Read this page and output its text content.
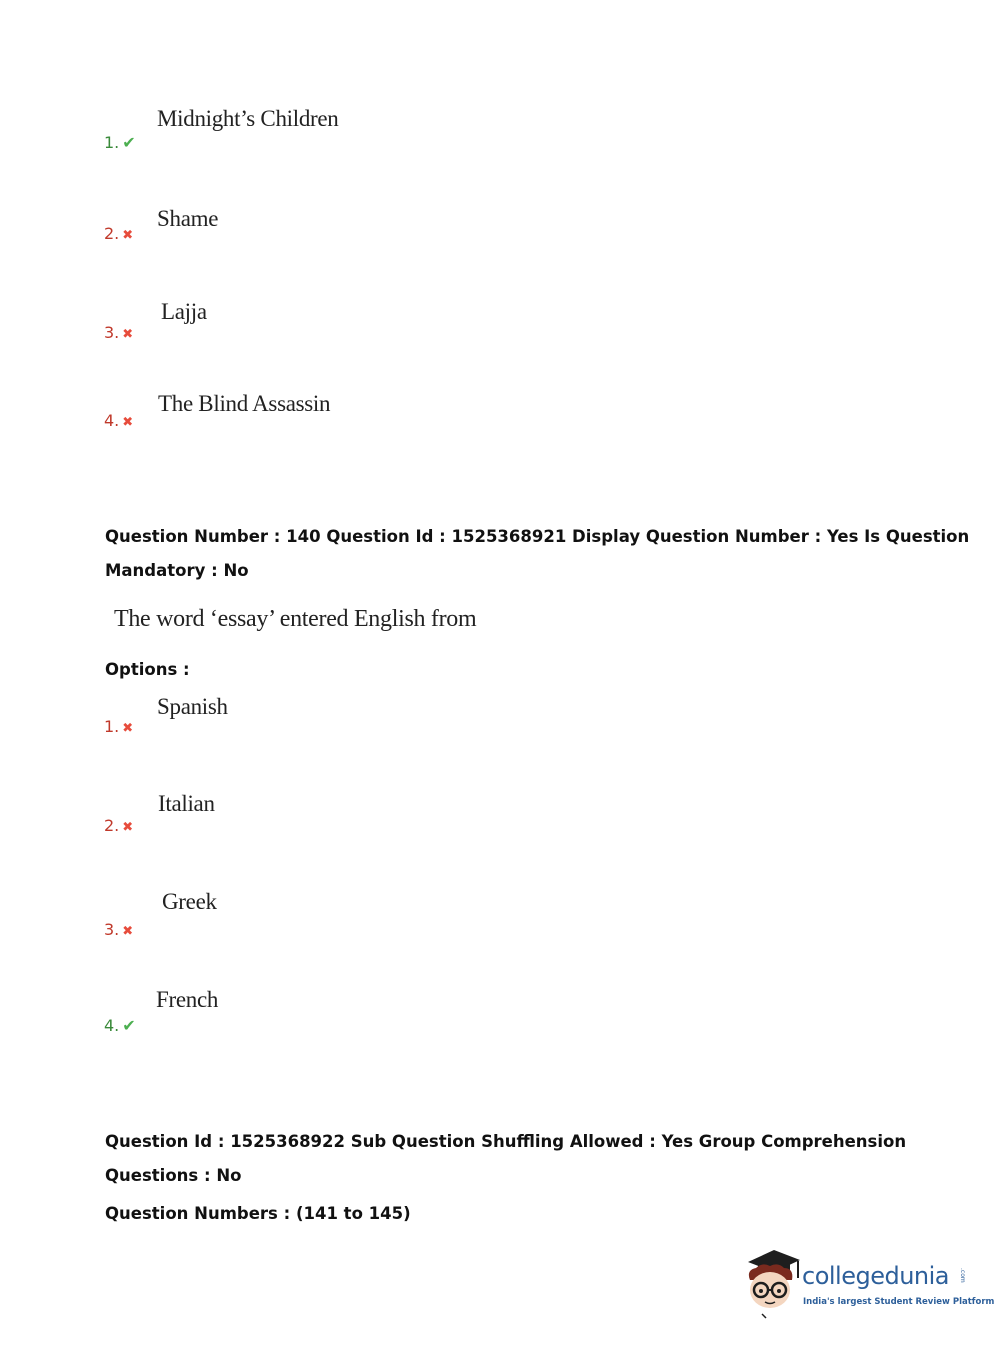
1. ✔
Midnight’s Children
2. ✖
Shame
3. ✖
Lajja
4. ✖
The Blind Assassin
Question Number : 140 Question Id : 1525368921 Display Question Number : Yes Is Question
Mandatory : No
The word ‘essay’ entered English from
Options :
1. ✖
Spanish
2. ✖
Italian
3. ✖
Greek
4. ✔
French
Question Id : 1525368922 Sub Question Shuffling Allowed : Yes Group Comprehension
Questions : No
Question Numbers : (141 to 145)
collegedunia .com
India's largest Student Review Platform
